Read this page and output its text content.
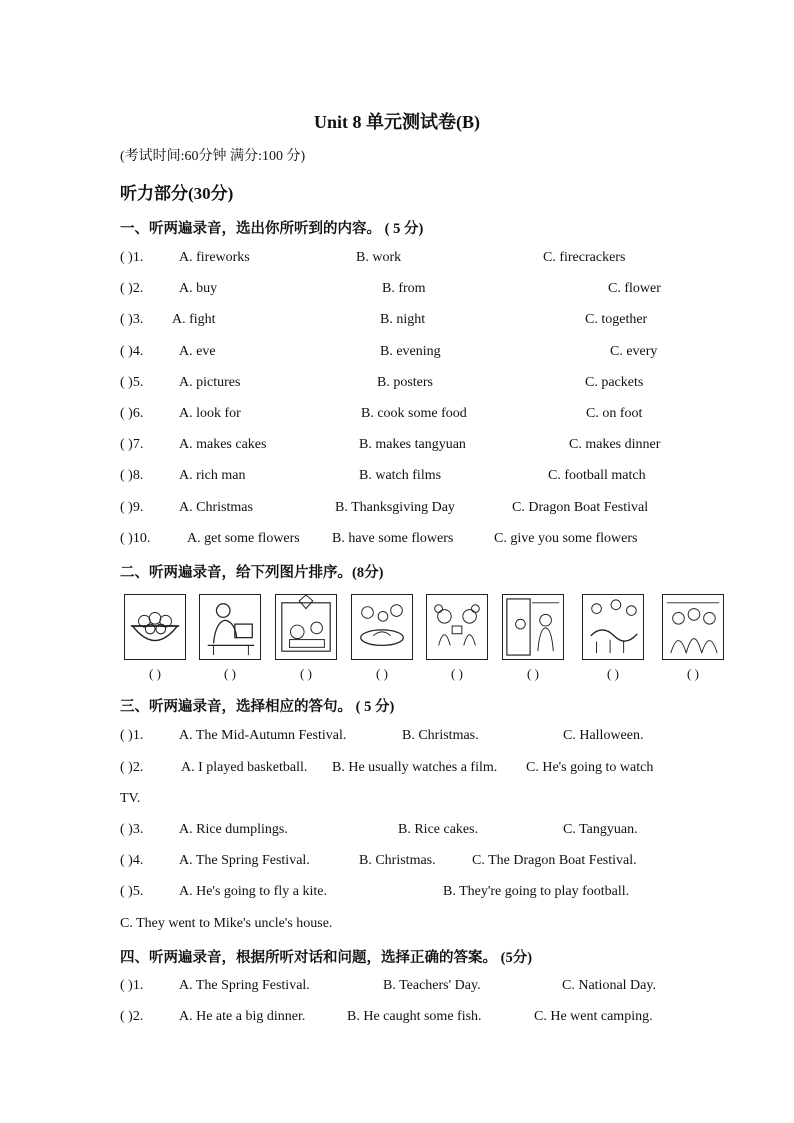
Unit 8 单元测试卷(B)
(考试时间:60分钟 满分:100 分)
听力部分(30分)
一、听两遍录音，选出你所听到的内容。 ( 5 分)
( )1.	A. fireworks	B. work	C. firecrackers
( )2.	A. buy	B. from	C. flower
( )3. A. fight	B. night	C. together
( )4.	A. eve	B. evening	C. every
( )5.	A. pictures	B. posters	C. packets
( )6.	A. look for	B. cook some food	C. on foot
( )7.	A. makes cakes	B. makes tangyuan	C. makes dinner
( )8.	A. rich man	B. watch films	C. football match
( )9.	A. Christmas	B. Thanksgiving Day	C. Dragon Boat Festival
( )10.	A. get some flowers B. have some flowers	C. give you some flowers
二、听两遍录音，给下列图片排序。(8分)
( )	( )	( )	( )	( )	( )	( )	( )
三、听两遍录音，选择相应的答句。 ( 5 分)
( )1.	A. The Mid-Autumn Festival.	B. Christmas.	C. Halloween.
( )2.	A. I played basketball. B. He usually watches a film. C. He's going to watch
TV.
( )3.	A. Rice dumplings.	B. Rice cakes.	C. Tangyuan.
( )4.	A. The Spring Festival.	B. Christmas.	C. The Dragon Boat Festival.
( )5.	A. He's going to fly a kite.	B. They're going to play football.
C. They went to Mike's uncle's house.
四、听两遍录音，根据所听对话和问题，选择正确的答案。 (5分)
( )1.	A. The Spring Festival.	B. Teachers' Day.	C. National Day.
( )2.	A. He ate a big dinner.	B. He caught some fish.	C. He went camping.
